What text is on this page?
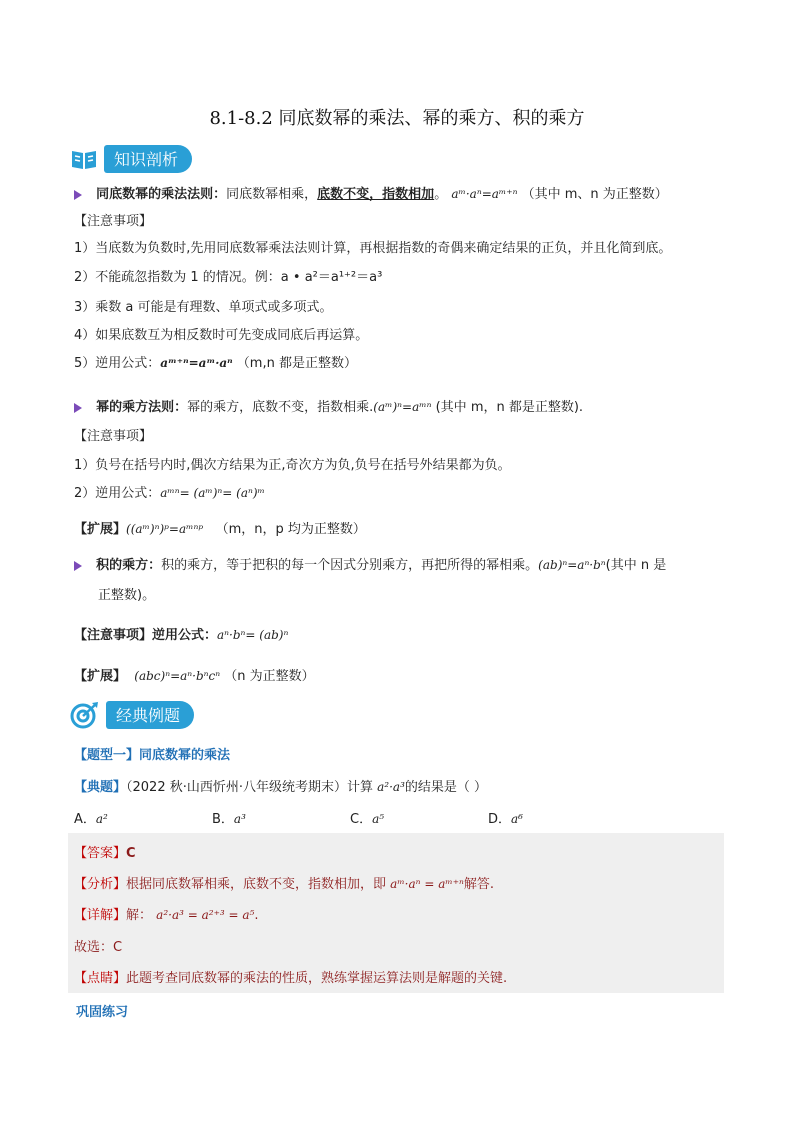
8.1-8.2 同底数幂的乘法、幂的乘方、积的乘方
知识剖析
同底数幂的乘法法则：同底数幂相乘，底数不变，指数相加。 aᵐ·aⁿ=aᵐ⁺ⁿ （其中 m、n 为正整数）
【注意事项】
1）当底数为负数时,先用同底数幂乘法法则计算，再根据指数的奇偶来确定结果的正负，并且化简到底。
2）不能疏忽指数为 1 的情况。例：a • a²＝a¹⁺²＝a³
3）乘数 a 可能是有理数、单项式或多项式。
4）如果底数互为相反数时可先变成同底后再运算。
5）逆用公式：aᵐ⁺ⁿ=aᵐ·aⁿ （m,n 都是正整数）
幂的乘方法则：幂的乘方，底数不变，指数相乘.(aᵐ)ⁿ=aᵐⁿ (其中 m，n 都是正整数).
【注意事项】
1）负号在括号内时,偶次方结果为正,奇次方为负,负号在括号外结果都为负。
2）逆用公式：aᵐⁿ= (aᵐ)ⁿ= (aⁿ)ᵐ
【扩展】((aᵐ)ⁿ)ᵖ=aᵐⁿᵖ （m，n，p 均为正整数）
积的乘方：积的乘方，等于把积的每一个因式分别乘方，再把所得的幂相乘。(ab)ⁿ=aⁿ·bⁿ(其中 n 是
正整数)。
【注意事项】逆用公式：aⁿ·bⁿ= (ab)ⁿ
【扩展】 (abc)ⁿ=aⁿ·bⁿcⁿ （n 为正整数）
经典例题
【题型一】同底数幂的乘法
【典题】（2022 秋·山西忻州·八年级统考期末）计算 a²·a³的结果是（ ）
A．a²	B．a³	C．a⁵	D．a⁶
【答案】C
【分析】根据同底数幂相乘，底数不变，指数相加，即 aᵐ·aⁿ = aᵐ⁺ⁿ解答.
【详解】解： a²·a³ = a²⁺³ = a⁵.
故选：C
【点睛】此题考查同底数幂的乘法的性质，熟练掌握运算法则是解题的关键.
巩固练习
